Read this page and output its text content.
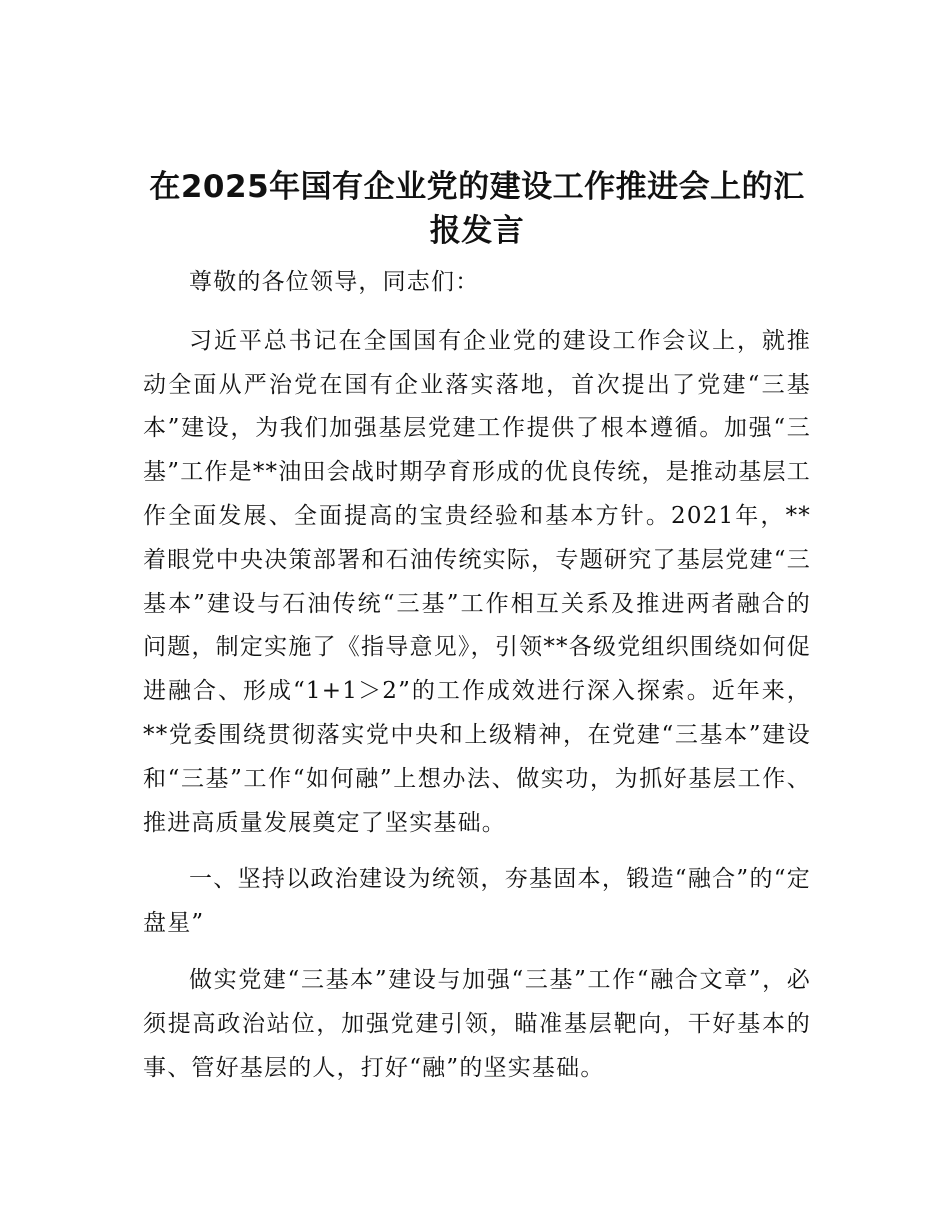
在2025年国有企业党的建设工作推进会上的汇报发言

尊敬的各位领导，同志们：

习近平总书记在全国国有企业党的建设工作会议上，就推动全面从严治党在国有企业落实落地，首次提出了党建“三基本”建设，为我们加强基层党建工作提供了根本遵循。加强“三基”工作是**油田会战时期孕育形成的优良传统，是推动基层工作全面发展、全面提高的宝贵经验和基本方针。2021年，**着眼党中央决策部署和石油传统实际，专题研究了基层党建“三基本”建设与石油传统“三基”工作相互关系及推进两者融合的问题，制定实施了《指导意见》，引领**各级党组织围绕如何促进融合、形成“1+1＞2”的工作成效进行深入探索。近年来，**党委围绕贯彻落实党中央和上级精神，在党建“三基本”建设和“三基”工作“如何融”上想办法、做实功，为抓好基层工作、推进高质量发展奠定了坚实基础。

一、坚持以政治建设为统领，夯基固本，锻造“融合”的“定盘星”

做实党建“三基本”建设与加强“三基”工作“融合文章”，必须提高政治站位，加强党建引领，瞄准基层靶向，干好基本的事、管好基层的人，打好“融”的坚实基础。
